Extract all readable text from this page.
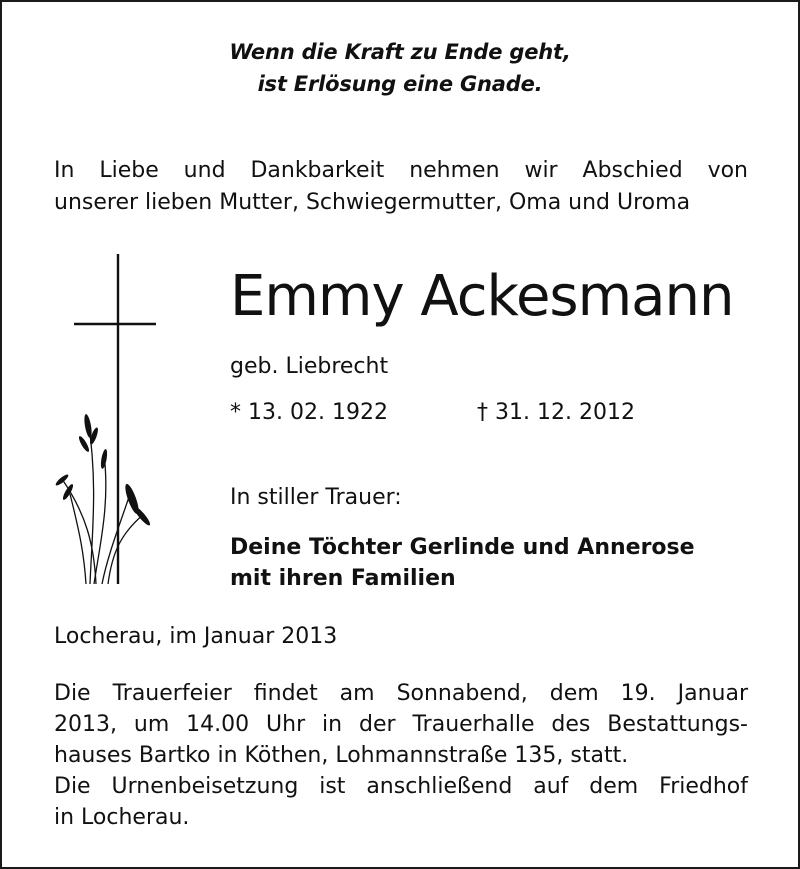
Wenn die Kraft zu Ende geht,
ist Erlösung eine Gnade.
In Liebe und Dankbarkeit nehmen wir Abschied von
unserer lieben Mutter, Schwiegermutter, Oma und Uroma
Emmy Ackesmann
geb. Liebrecht
* 13. 02. 1922	† 31. 12. 2012
In stiller Trauer:
Deine Töchter Gerlinde und Annerose
mit ihren Familien
Locherau, im Januar 2013
Die Trauerfeier findet am Sonnabend, dem 19. Januar
2013, um 14.00 Uhr in der Trauerhalle des Bestattungs-
hauses Bartko in Köthen, Lohmannstraße 135, statt.
Die Urnenbeisetzung ist anschließend auf dem Friedhof
in Locherau.
